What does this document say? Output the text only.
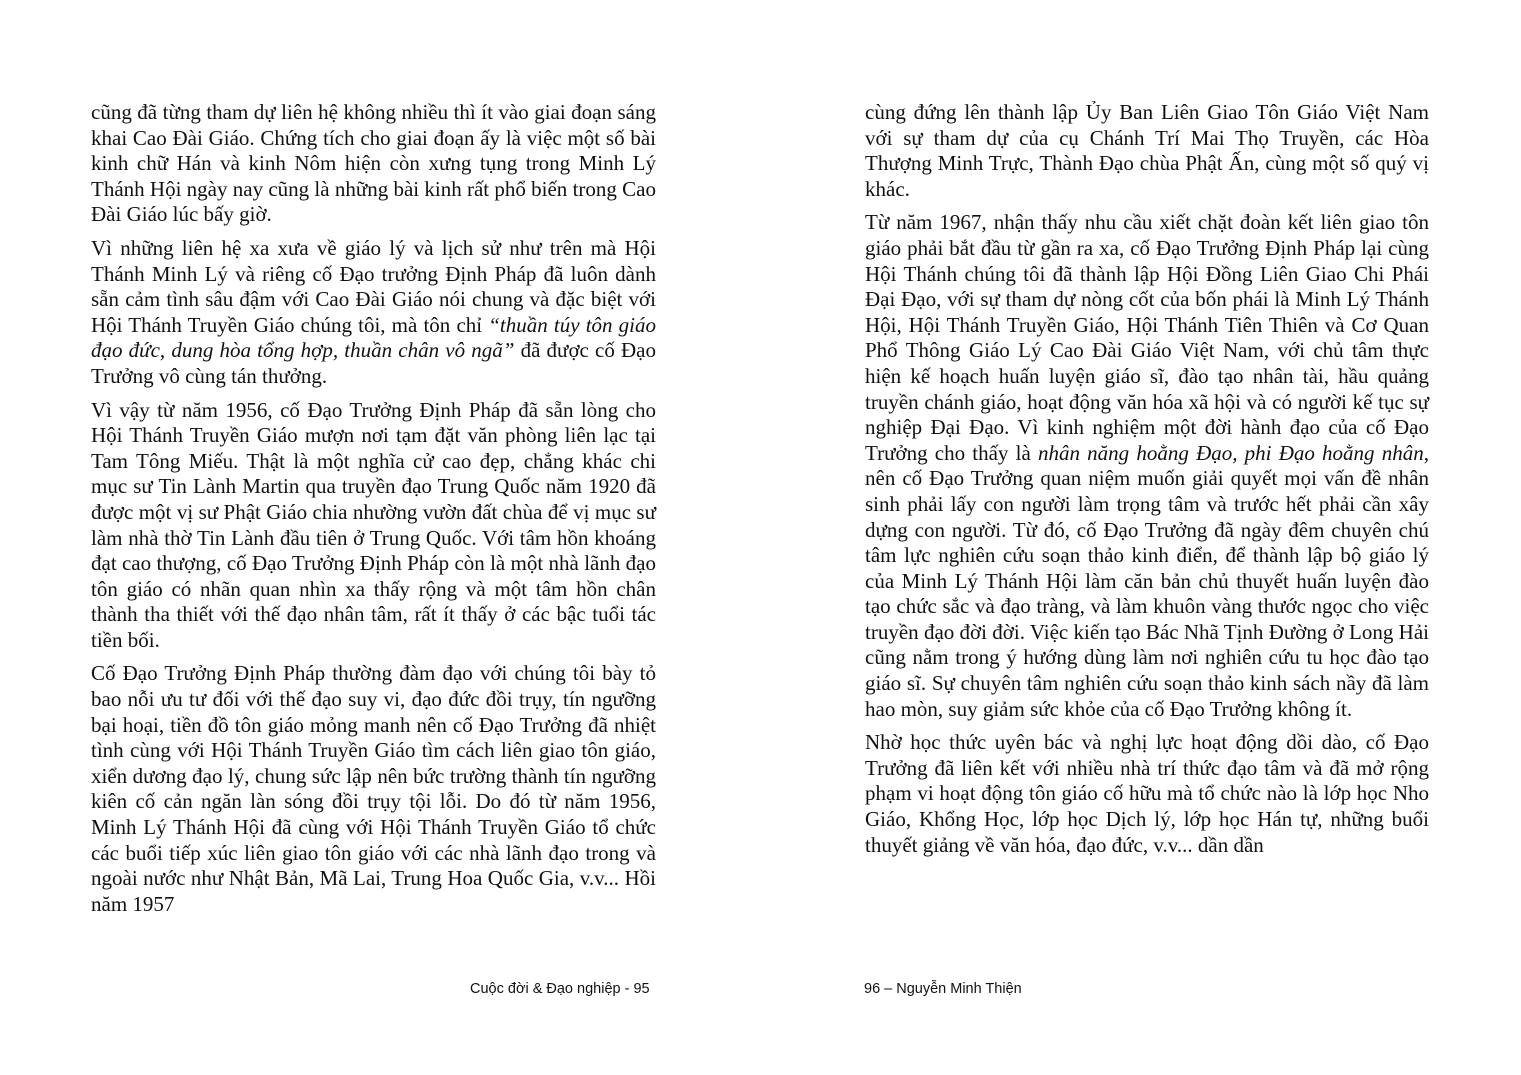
cũng đã từng tham dự liên hệ không nhiều thì ít vào giai đoạn sáng khai Cao Đài Giáo. Chứng tích cho giai đoạn ấy là việc một số bài kinh chữ Hán và kinh Nôm hiện còn xưng tụng trong Minh Lý Thánh Hội ngày nay cũng là những bài kinh rất phổ biến trong Cao Đài Giáo lúc bấy giờ.

Vì những liên hệ xa xưa về giáo lý và lịch sử như trên mà Hội Thánh Minh Lý và riêng cố Đạo trưởng Định Pháp đã luôn dành sẵn cảm tình sâu đậm với Cao Đài Giáo nói chung và đặc biệt với Hội Thánh Truyền Giáo chúng tôi, mà tôn chỉ “thuần túy tôn giáo đạo đức, dung hòa tổng hợp, thuần chân vô ngã” đã được cố Đạo Trưởng vô cùng tán thưởng.

Vì vậy từ năm 1956, cố Đạo Trưởng Định Pháp đã sẵn lòng cho Hội Thánh Truyền Giáo mượn nơi tạm đặt văn phòng liên lạc tại Tam Tông Miếu. Thật là một nghĩa cử cao đẹp, chẳng khác chi mục sư Tin Lành Martin qua truyền đạo Trung Quốc năm 1920 đã được một vị sư Phật Giáo chia nhường vườn đất chùa để vị mục sư làm nhà thờ Tin Lành đầu tiên ở Trung Quốc. Với tâm hồn khoáng đạt cao thượng, cố Đạo Trưởng Định Pháp còn là một nhà lãnh đạo tôn giáo có nhãn quan nhìn xa thấy rộng và một tâm hồn chân thành tha thiết với thế đạo nhân tâm, rất ít thấy ở các bậc tuổi tác tiền bối.

Cố Đạo Trưởng Định Pháp thường đàm đạo với chúng tôi bày tỏ bao nỗi ưu tư đối với thế đạo suy vi, đạo đức đồi trụy, tín ngưỡng bại hoại, tiền đồ tôn giáo mỏng manh nên cố Đạo Trưởng đã nhiệt tình cùng với Hội Thánh Truyền Giáo tìm cách liên giao tôn giáo, xiển dương đạo lý, chung sức lập nên bức trường thành tín ngưỡng kiên cố cản ngăn làn sóng đồi trụy tội lỗi. Do đó từ năm 1956, Minh Lý Thánh Hội đã cùng với Hội Thánh Truyền Giáo tổ chức các buổi tiếp xúc liên giao tôn giáo với các nhà lãnh đạo trong và ngoài nước như Nhật Bản, Mã Lai, Trung Hoa Quốc Gia, v.v... Hồi năm 1957

cùng đứng lên thành lập Ủy Ban Liên Giao Tôn Giáo Việt Nam với sự tham dự của cụ Chánh Trí Mai Thọ Truyền, các Hòa Thượng Minh Trực, Thành Đạo chùa Phật Ấn, cùng một số quý vị khác.

Từ năm 1967, nhận thấy nhu cầu xiết chặt đoàn kết liên giao tôn giáo phải bắt đầu từ gần ra xa, cố Đạo Trưởng Định Pháp lại cùng Hội Thánh chúng tôi đã thành lập Hội Đồng Liên Giao Chi Phái Đại Đạo, với sự tham dự nòng cốt của bốn phái là Minh Lý Thánh Hội, Hội Thánh Truyền Giáo, Hội Thánh Tiên Thiên và Cơ Quan Phổ Thông Giáo Lý Cao Đài Giáo Việt Nam, với chủ tâm thực hiện kế hoạch huấn luyện giáo sĩ, đào tạo nhân tài, hầu quảng truyền chánh giáo, hoạt động văn hóa xã hội và có người kế tục sự nghiệp Đại Đạo. Vì kinh nghiệm một đời hành đạo của cố Đạo Trưởng cho thấy là nhân năng hoằng Đạo, phi Đạo hoằng nhân, nên cố Đạo Trưởng quan niệm muốn giải quyết mọi vấn đề nhân sinh phải lấy con người làm trọng tâm và trước hết phải cần xây dựng con người. Từ đó, cố Đạo Trưởng đã ngày đêm chuyên chú tâm lực nghiên cứu soạn thảo kinh điển, để thành lập bộ giáo lý của Minh Lý Thánh Hội làm căn bản chủ thuyết huấn luyện đào tạo chức sắc và đạo tràng, và làm khuôn vàng thước ngọc cho việc truyền đạo đời đời. Việc kiến tạo Bác Nhã Tịnh Đường ở Long Hải cũng nằm trong ý hướng dùng làm nơi nghiên cứu tu học đào tạo giáo sĩ. Sự chuyên tâm nghiên cứu soạn thảo kinh sách nầy đã làm hao mòn, suy giảm sức khỏe của cố Đạo Trưởng không ít.

Nhờ học thức uyên bác và nghị lực hoạt động dồi dào, cố Đạo Trưởng đã liên kết với nhiều nhà trí thức đạo tâm và đã mở rộng phạm vi hoạt động tôn giáo cố hữu mà tổ chức nào là lớp học Nho Giáo, Khổng Học, lớp học Dịch lý, lớp học Hán tự, những buổi thuyết giảng về văn hóa, đạo đức, v.v... dần dần

Cuộc đời & Đạo nghiệp - 95	96 – Nguyễn Minh Thiện
